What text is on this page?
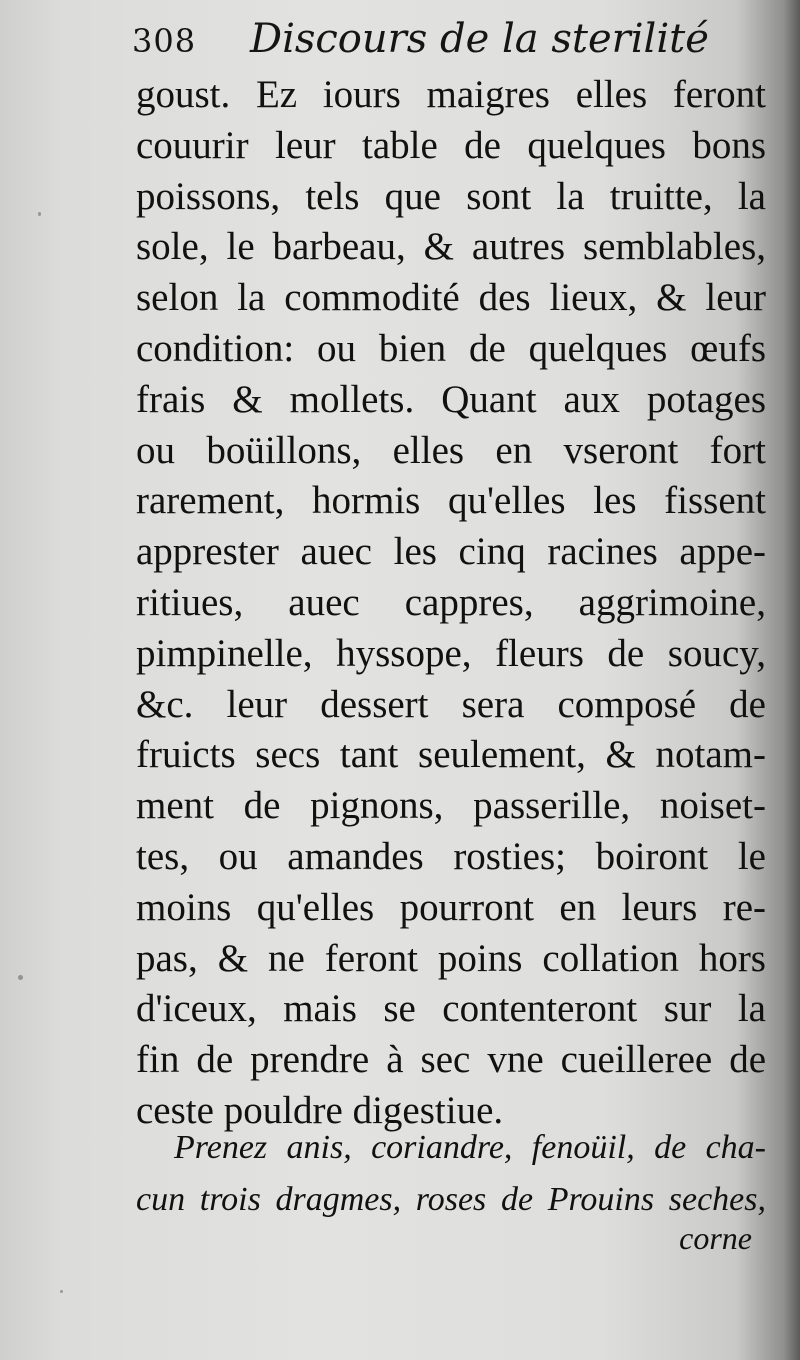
308 Discours de la sterilité
goust. Ez iours maigres elles feront
couurir leur table de quelques bons
poissons, tels que sont la truitte, la
sole, le barbeau, & autres semblables,
selon la commodité des lieux, & leur
condition: ou bien de quelques œufs
frais & mollets. Quant aux potages
ou boüillons, elles en vseront fort
rarement, hormis qu'elles les fissent
apprester auec les cinq racines appe-
ritiues, auec cappres, aggrimoine,
pimpinelle, hyssope, fleurs de soucy,
&c. leur dessert sera composé de
fruicts secs tant seulement, & notam-
ment de pignons, passerille, noiset-
tes, ou amandes rosties; boiront le
moins qu'elles pourront en leurs re-
pas, & ne feront poins collation hors
d'iceux, mais se contenteront sur la
fin de prendre à sec vne cueilleree de
ceste pouldre digestiue.
Prenez anis, coriandre, fenoüil, de cha-
cun trois dragmes, roses de Prouins seches,
corne
